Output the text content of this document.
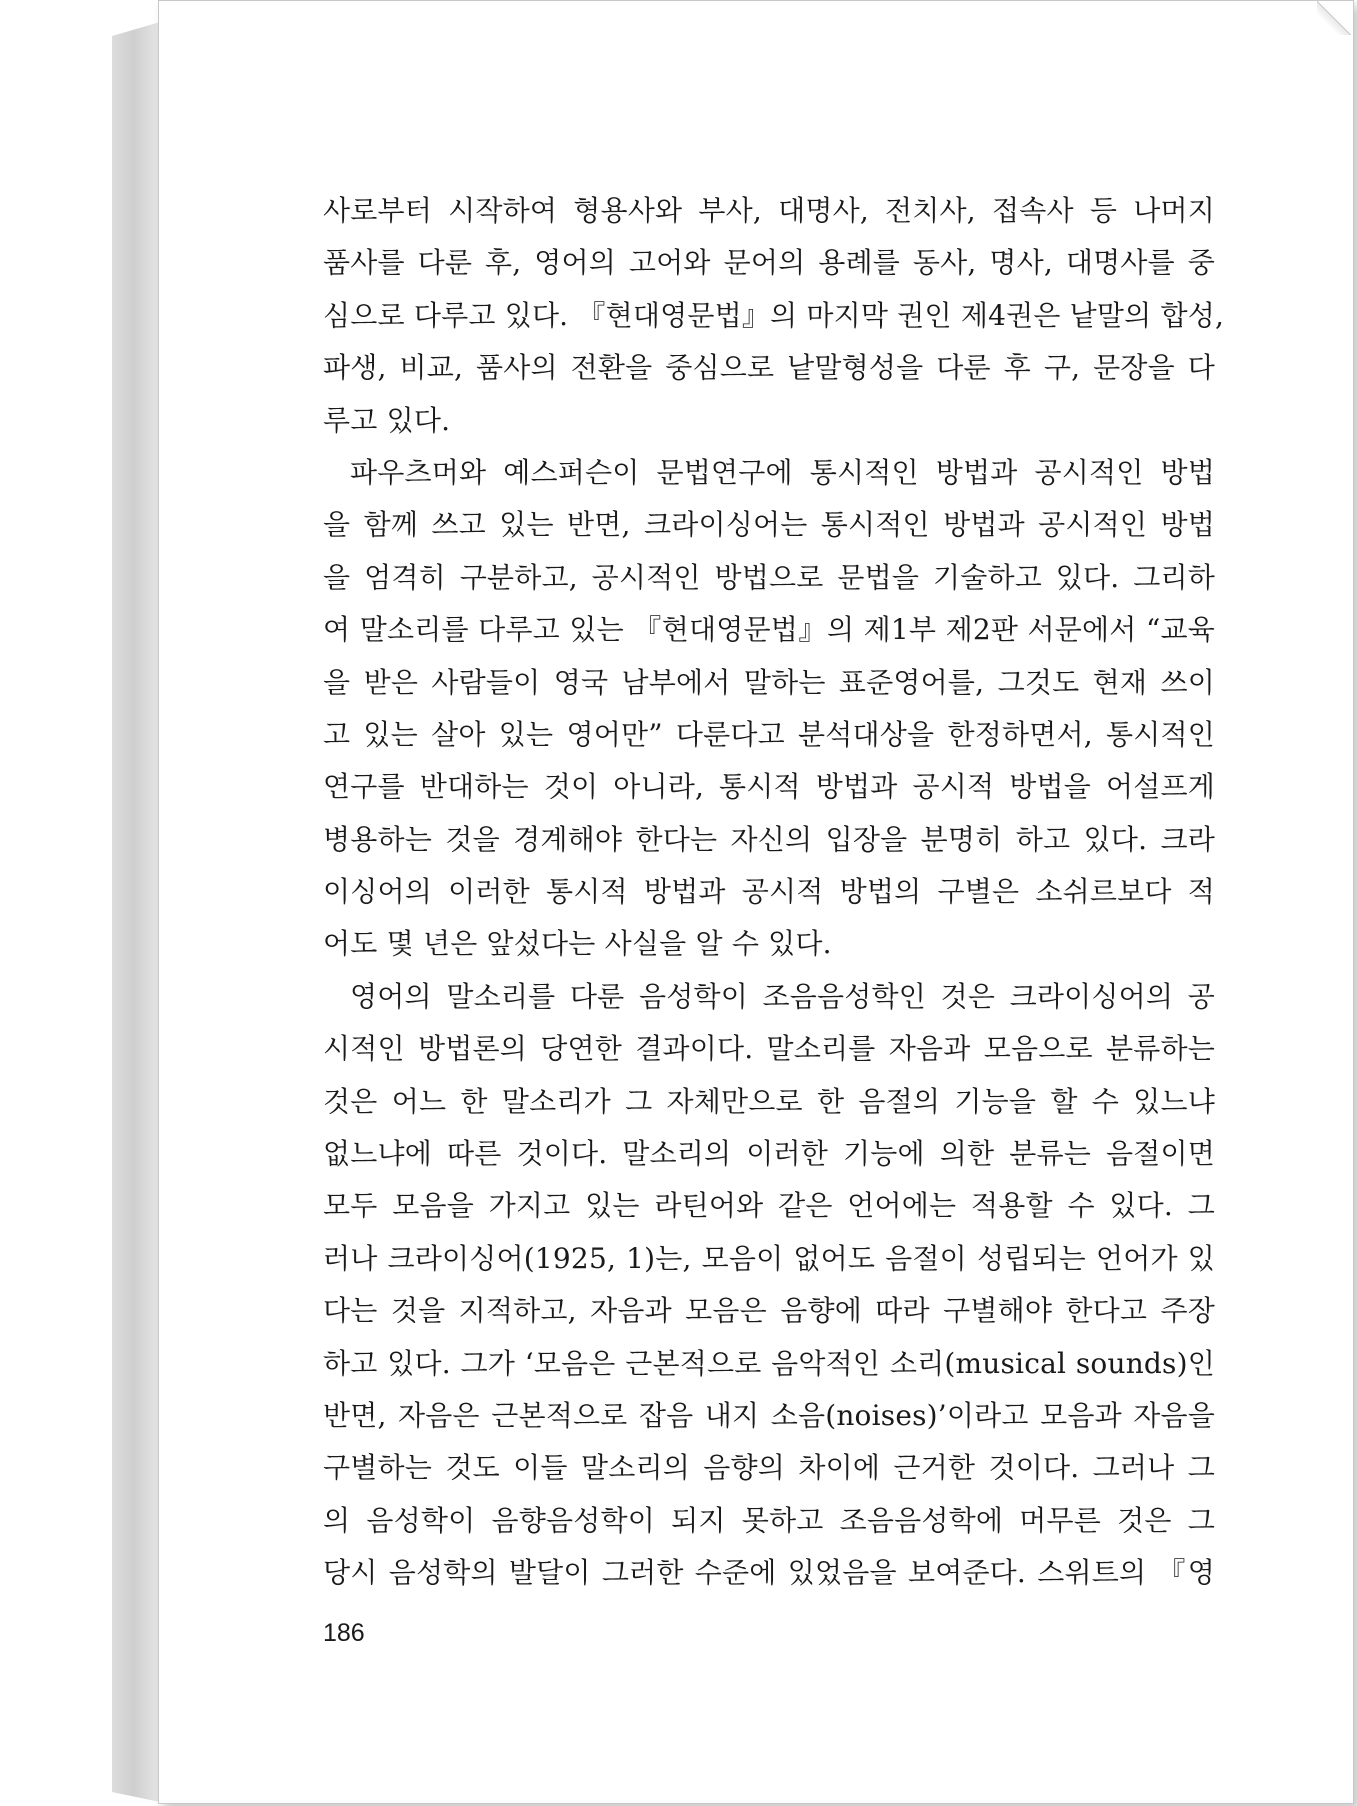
사로부터 시작하여 형용사와 부사, 대명사, 전치사, 접속사 등 나머지
품사를 다룬 후, 영어의 고어와 문어의 용례를 동사, 명사, 대명사를 중
심으로 다루고 있다. 『현대영문법』의 마지막 권인 제4권은 낱말의 합성,
파생, 비교, 품사의 전환을 중심으로 낱말형성을 다룬 후 구, 문장을 다
루고 있다.
파우츠머와 예스퍼슨이 문법연구에 통시적인 방법과 공시적인 방법
을 함께 쓰고 있는 반면, 크라이싱어는 통시적인 방법과 공시적인 방법
을 엄격히 구분하고, 공시적인 방법으로 문법을 기술하고 있다. 그리하
여 말소리를 다루고 있는 『현대영문법』의 제1부 제2판 서문에서 “교육
을 받은 사람들이 영국 남부에서 말하는 표준영어를, 그것도 현재 쓰이
고 있는 살아 있는 영어만” 다룬다고 분석대상을 한정하면서, 통시적인
연구를 반대하는 것이 아니라, 통시적 방법과 공시적 방법을 어설프게
병용하는 것을 경계해야 한다는 자신의 입장을 분명히 하고 있다. 크라
이싱어의 이러한 통시적 방법과 공시적 방법의 구별은 소쉬르보다 적
어도 몇 년은 앞섰다는 사실을 알 수 있다.
영어의 말소리를 다룬 음성학이 조음음성학인 것은 크라이싱어의 공
시적인 방법론의 당연한 결과이다. 말소리를 자음과 모음으로 분류하는
것은 어느 한 말소리가 그 자체만으로 한 음절의 기능을 할 수 있느냐
없느냐에 따른 것이다. 말소리의 이러한 기능에 의한 분류는 음절이면
모두 모음을 가지고 있는 라틴어와 같은 언어에는 적용할 수 있다. 그
러나 크라이싱어(1925, 1)는, 모음이 없어도 음절이 성립되는 언어가 있
다는 것을 지적하고, 자음과 모음은 음향에 따라 구별해야 한다고 주장
하고 있다. 그가 ‘모음은 근본적으로 음악적인 소리(musical sounds)인
반면, 자음은 근본적으로 잡음 내지 소음(noises)’이라고 모음과 자음을
구별하는 것도 이들 말소리의 음향의 차이에 근거한 것이다. 그러나 그
의 음성학이 음향음성학이 되지 못하고 조음음성학에 머무른 것은 그
당시 음성학의 발달이 그러한 수준에 있었음을 보여준다. 스위트의 『영
186
